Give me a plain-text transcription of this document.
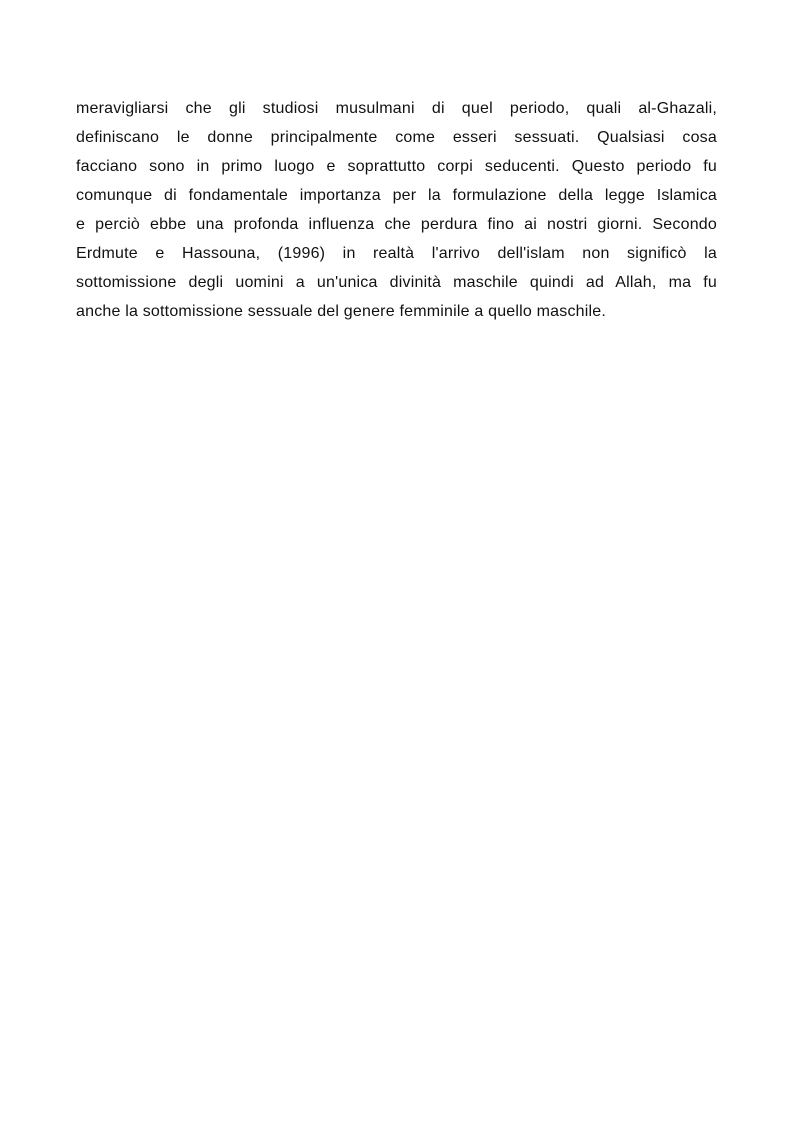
meravigliarsi che gli studiosi musulmani di quel periodo, quali al-Ghazali,
definiscano le donne principalmente come esseri sessuati. Qualsiasi cosa
facciano sono in primo luogo e soprattutto corpi seducenti. Questo periodo fu
comunque di fondamentale importanza per la formulazione della legge Islamica
e perciò ebbe una profonda influenza che perdura fino ai nostri giorni. Secondo
Erdmute e Hassouna, (1996) in realtà l'arrivo dell'islam non significò la
sottomissione degli uomini a un'unica divinità maschile quindi ad Allah, ma fu
anche la sottomissione sessuale del genere femminile a quello maschile.
